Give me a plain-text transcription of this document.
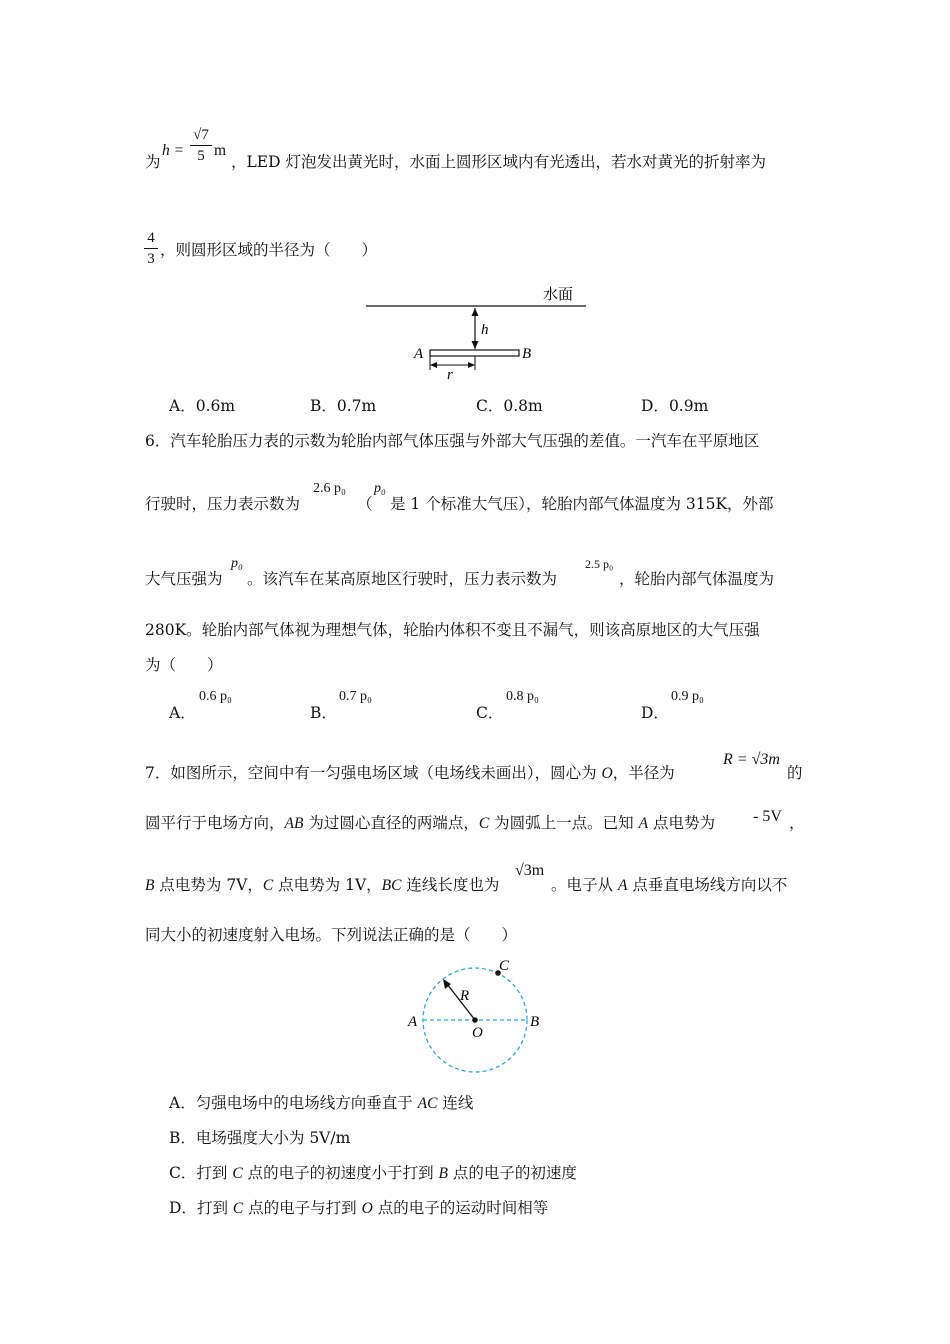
为
h =
√7
5 m
，LED 灯泡发出黄光时，水面上圆形区域内有光透出，若水对黄光的折射率为
4
3 ，则圆形区域的半径为（　　）
水面
h
A	B
r
A．0.6m	B．0.7m	C．0.8m	D．0.9m
6．汽车轮胎压力表的示数为轮胎内部气体压强与外部大气压强的差值。一汽车在平原地区
行驶时，压力表示数为
2.6 p₀
（
p₀
是 1 个标准大气压），轮胎内部气体温度为 315K，外部
大气压强为
p₀
。该汽车在某高原地区行驶时，压力表示数为
2.5 p₀
，轮胎内部气体温度为
280K。轮胎内部气体视为理想气体，轮胎内体积不变且不漏气，则该高原地区的大气压强
为（　　）
A．
0.6 p₀
B．
0.7 p₀
C．
0.8 p₀
D．
0.9 p₀
7．如图所示，空间中有一匀强电场区域（电场线未画出），圆心为 O，半径为
R = √3m
的
圆平行于电场方向，AB 为过圆心直径的两端点，C 为圆弧上一点。已知 A 点电势为 - 5V ，
B 点电势为 7V，C 点电势为 1V，BC 连线长度也为
√3m
。电子从 A 点垂直电场线方向以不
同大小的初速度射入电场。下列说法正确的是（　　）
C
R
A
O
B
A．匀强电场中的电场线方向垂直于 AC 连线
B．电场强度大小为 5V/m
C．打到 C 点的电子的初速度小于打到 B 点的电子的初速度
D．打到 C 点的电子与打到 O 点的电子的运动时间相等
